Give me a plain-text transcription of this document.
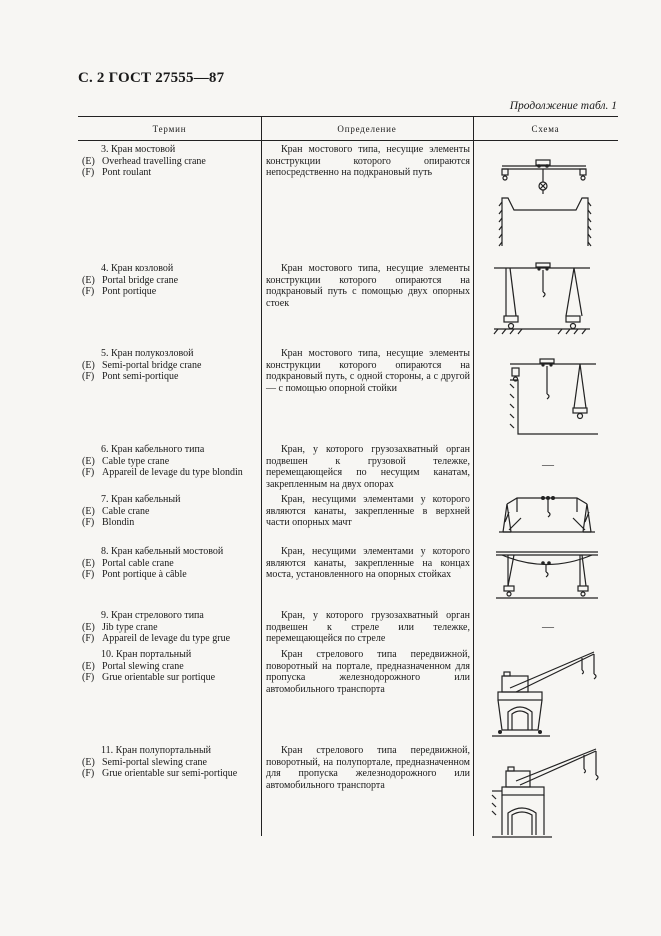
С. 2 ГОСТ 27555—87
Продолжение табл. 1
Термин	Определение	Схема
3. Кран мостовой
(E) Overhead travelling crane
(F) Pont roulant
Кран мостового типа, несущие элементы конструкции которого опираются непосредственно на подкрановый путь
4. Кран козловой
(E) Portal bridge crane
(F) Pont portique
Кран мостового типа, несущие элементы конструкции которого опираются на подкрановый путь с помощью двух опорных стоек
5. Кран полукозловой
(E) Semi-portal bridge crane
(F) Pont semi-portique
Кран мостового типа, несущие элементы конструкции которого опираются на подкрановый путь, с одной стороны, а с другой — с помощью опорной стойки
6. Кран кабельного типа
(E) Cable type crane
(F) Appareil de levage du type blondin
Кран, у которого грузозахватный орган подвешен к грузовой тележке, перемещающейся по несущим канатам, закрепленным на двух опорах
—
7. Кран кабельный
(E) Cable crane
(F) Blondin
Кран, несущими элементами у которого являются канаты, закрепленные в верхней части опорных мачт
8. Кран кабельный мостовой
(E) Portal cable crane
(F) Pont portique à câble
Кран, несущими элементами у которого являются канаты, закрепленные на концах моста, установленного на опорных стойках
9. Кран стрелового типа
(E) Jib type crane
(F) Appareil de levage du type grue
Кран, у которого грузозахватный орган подвешен к стреле или тележке, перемещающейся по стреле
—
10. Кран портальный
(E) Portal slewing crane
(F) Grue orientable sur portique
Кран стрелового типа передвижной, поворотный на портале, предназначенном для пропуска железнодорожного или автомобильного транспорта
11. Кран полупортальный
(E) Semi-portal slewing crane
(F) Grue orientable sur semi-portique
Кран стрелового типа передвижной, поворотный, на полупортале, предназначенном для пропуска железнодорожного или автомобильного транспорта
